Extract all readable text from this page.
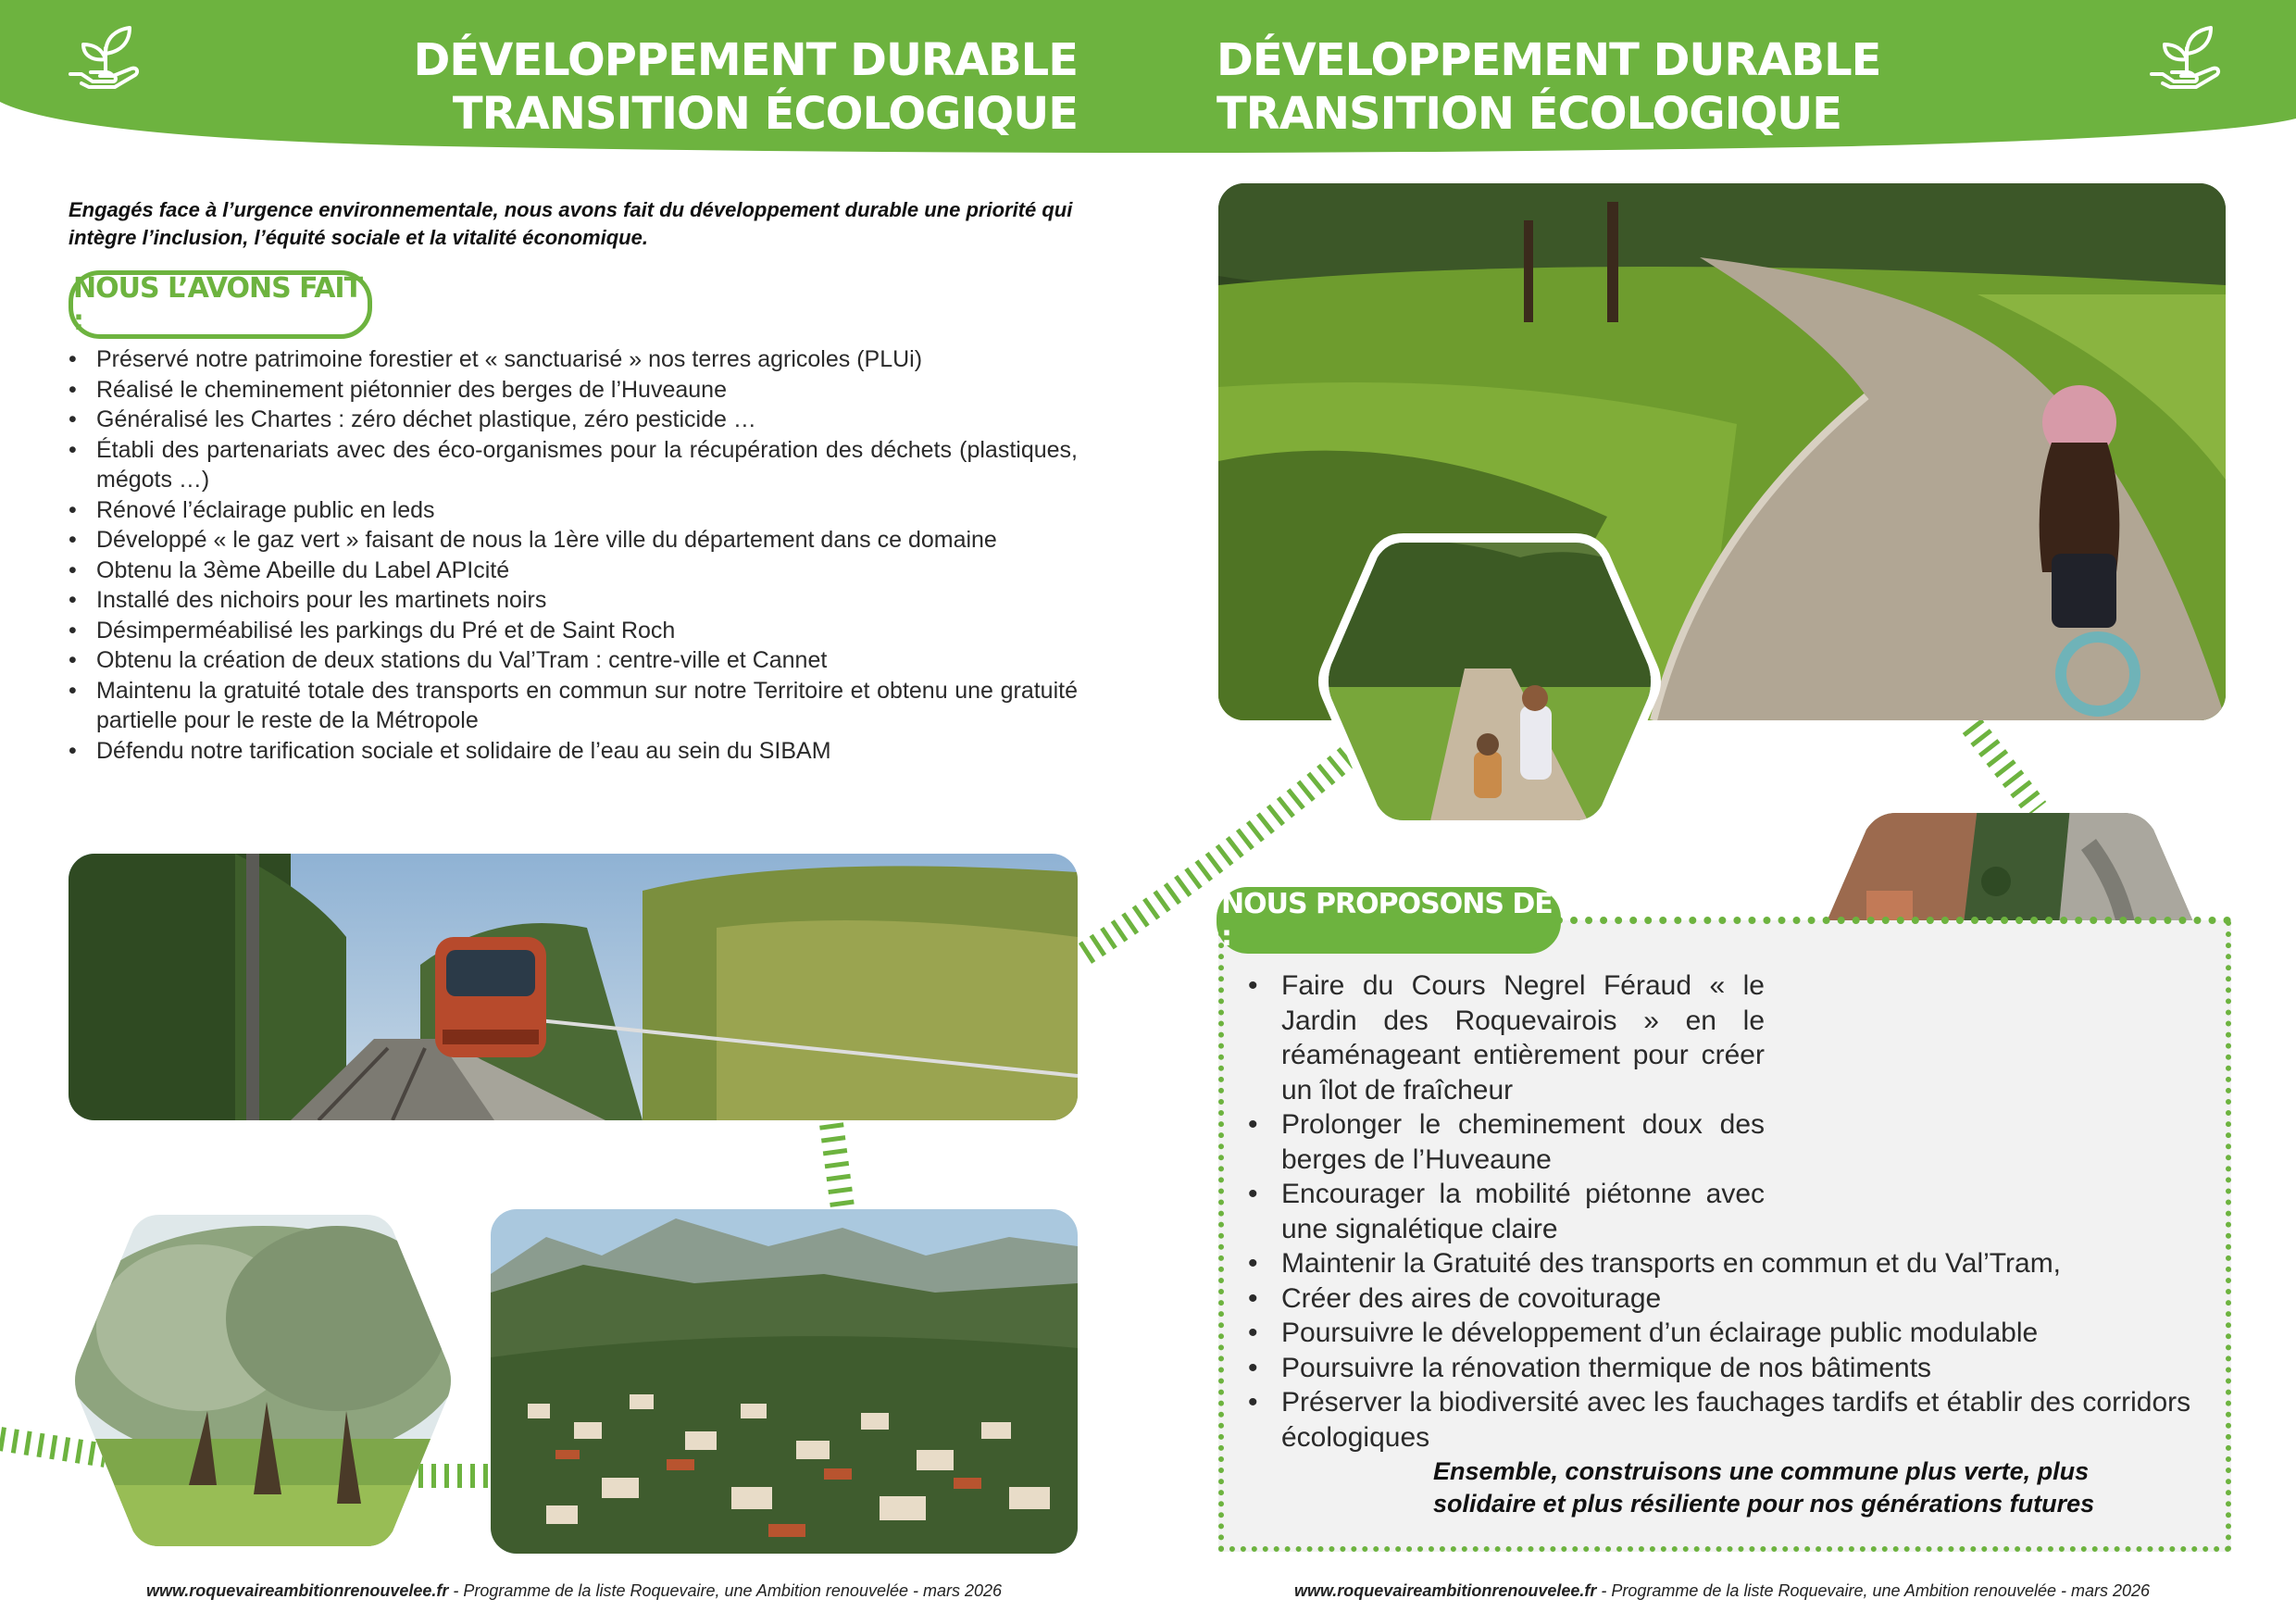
DÉVELOPPEMENT DURABLE
TRANSITION ÉCOLOGIQUE
DÉVELOPPEMENT DURABLE
TRANSITION ÉCOLOGIQUE

Engagés face à l’urgence environnementale, nous avons fait du développement durable une priorité qui intègre l’inclusion, l’équité sociale et la vitalité économique.

NOUS L’AVONS FAIT :
• Préservé notre patrimoine forestier et « sanctuarisé » nos terres agricoles (PLUi)
• Réalisé le cheminement piétonnier des berges de l’Huveaune
• Généralisé les Chartes : zéro déchet plastique, zéro pesticide …
• Établi des partenariats avec des éco-organismes pour la récupération des déchets (plastiques, mégots …)
• Rénové l’éclairage public en leds
• Développé « le gaz vert » faisant de nous la 1ère ville du département dans ce domaine
• Obtenu la 3ème Abeille du Label APIcité
• Installé des nichoirs pour les martinets noirs
• Désimperméabilisé les parkings du Pré et de Saint Roch
• Obtenu la création de deux stations du Val’Tram : centre-ville et Cannet
• Maintenu la gratuité totale des transports en commun sur notre Territoire et obtenu une gratuité partielle pour le reste de la Métropole
• Défendu notre tarification sociale et solidaire de l’eau au sein du SIBAM
NOUS PROPOSONS DE :
• Faire du Cours Negrel Féraud « le Jardin des Roquevairois » en le réaménageant entièrement pour créer un îlot de fraîcheur
• Prolonger le cheminement doux des berges de l’Huveaune
• Encourager la mobilité piétonne avec une signalétique claire
• Maintenir la Gratuité des transports en commun et du Val’Tram,
• Créer des aires de covoiturage
• Poursuivre le développement d’un éclairage public modulable
• Poursuivre la rénovation thermique de nos bâtiments
• Préserver la biodiversité avec les fauchages tardifs et établir des corridors écologiques

Ensemble, construisons une commune plus verte, plus solidaire et plus résiliente pour nos générations futures

www.roquevaireambitionrenouvelee.fr - Programme de la liste Roquevaire, une Ambition renouvelée - mars 2026	www.roquevaireambitionrenouvelee.fr - Programme de la liste Roquevaire, une Ambition renouvelée - mars 2026
